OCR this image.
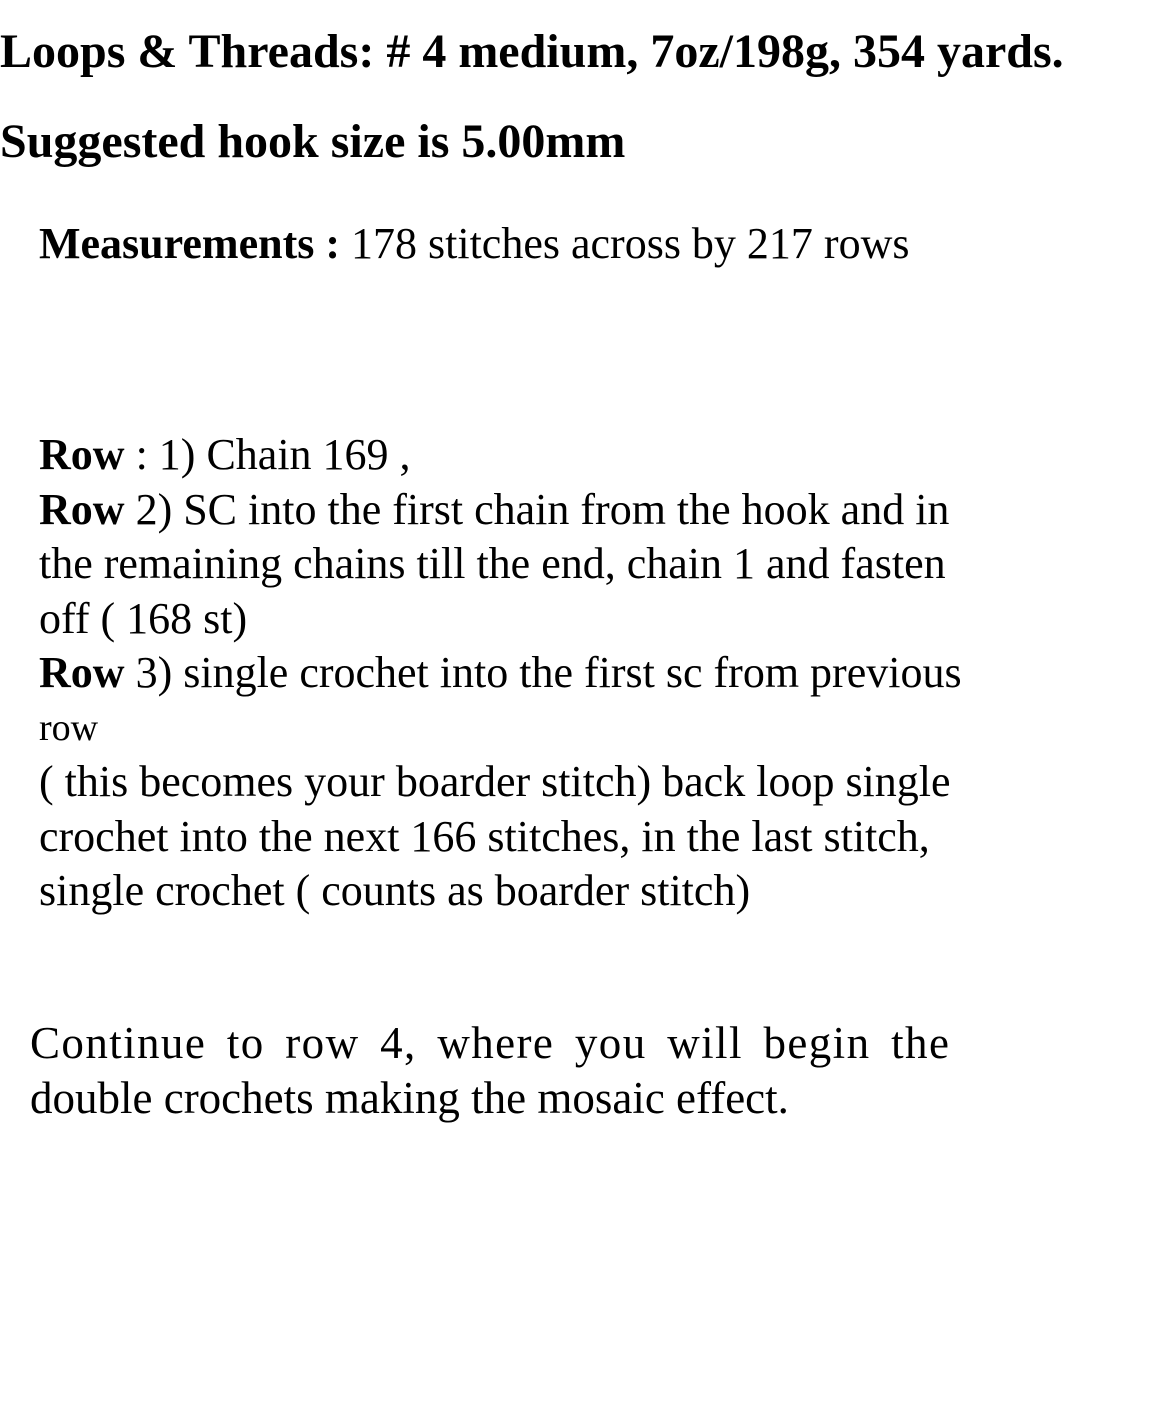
Loops & Threads: # 4 medium, 7oz/198g, 354 yards.
Suggested hook size is 5.00mm
Measurements : 178 stitches across by 217 rows
Row : 1) Chain 169 ,
Row 2) SC into the first chain from the hook and in
the remaining chains till the end, chain 1 and fasten
off ( 168 st)
Row 3) single crochet into the first sc from previous
row
( this becomes your boarder stitch) back loop single
crochet into the next 166 stitches, in the last stitch,
single crochet ( counts as boarder stitch)
Continue to row 4, where you will begin the
double crochets making the mosaic effect.
